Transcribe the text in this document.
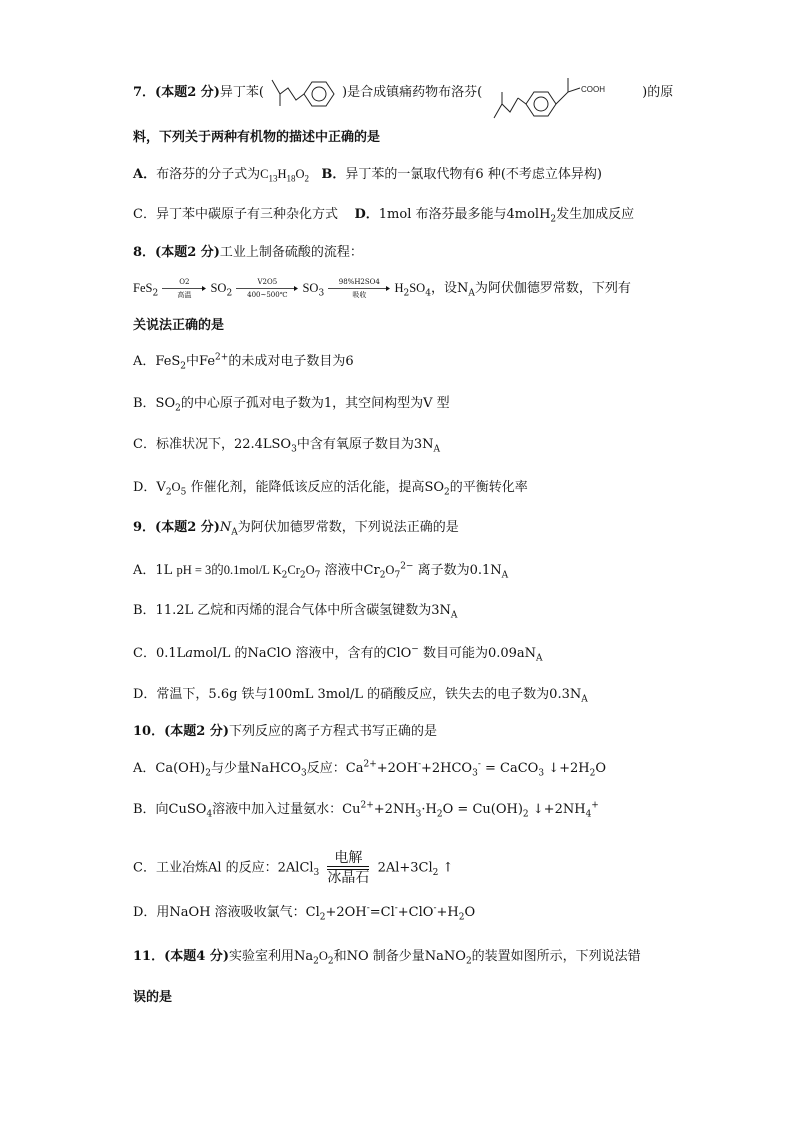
7．(本题2 分)异丁苯(	)是合成镇痛药物布洛芬(	)的原
COOH
料，下列关于两种有机物的描述中正确的是
A．布洛芬的分子式为$C_{13}H_{18}O_2$ B．异丁苯的一氯取代物有6 种(不考虑立体异构)
C．异丁苯中碳原子有三种杂化方式 D．1mol 布洛芬最多能与4molH$_2$发生加成反应
8．(本题2 分)工业上制备硫酸的流程：
FeS$_2$
O2
高温	$SO_2$
V2O5
400~500℃	$SO_3$
98%H2SO4
吸收	$H_2SO_4$，设$N_A$为阿伏伽德罗常数，下列有
关说法正确的是
A．FeS$_2$中$Fe^{2+}$的未成对电子数目为6
B．$SO_2$的中心原子孤对电子数为1，其空间构型为V 型
C．标准状况下，$22.4LSO_3$中含有氧原子数目为$3N_A$
D．$V_2O_5$ 作催化剂，能降低该反应的活化能，提高$SO_2$的平衡转化率
9．(本题2 分)$N_A$为阿伏加德罗常数，下列说法正确的是
A．1L pH = 3的0.1mol/L $K_2Cr_2O_7$ 溶液中$Cr_2O_7^{2-}$ 离子数为$0.1N_A$
B．11.2L 乙烷和丙烯的混合气体中所含碳氢键数为$3N_A$
C．0.1Lamol/L 的NaClO 溶液中，含有的ClO− 数目可能为$0.09aN_A$
D．常温下，5.6g 铁与100mL 3mol/L 的硝酸反应，铁失去的电子数为$0.3N_A$
10．(本题2 分)下列反应的离子方程式书写正确的是
A．$Ca(OH)_2$与少量NaHCO$_3$反应：$Ca^{2+}+2OH^-+2HCO_3^-$ = CaCO$_3$ $↓+2H_2O$
B．向CuSO$_4$溶液中加入过量氨水：$Cu^{2+}+2NH_3\cdot H_2O = Cu(OH)_2$ $↓+2NH_4^+$
C．工业冶炼Al 的反应：2AlCl$_3$ $\frac{\text{电解}}{\text{冰晶石}} 2Al+3Cl_2$ ↑
D．用NaOH 溶液吸收氯气：$Cl_2+2OH^-=Cl^-+ClO^-+H_2O$
11．(本题4 分)实验室利用$Na_2O_2$和NO 制备少量NaNO$_2$的装置如图所示，下列说法错
误的是
